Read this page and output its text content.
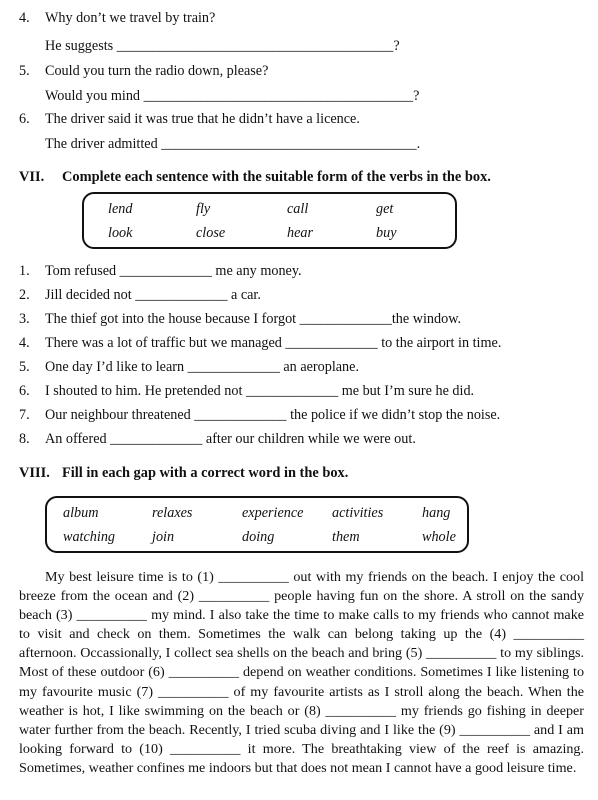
4. Why don’t we travel by train?
He suggests _______________________________________?
5. Could you turn the radio down, please?
Would you mind ______________________________________?
6. The driver said it was true that he didn’t have a licence.
The driver admitted ____________________________________.
VII. Complete each sentence with the suitable form of the verbs in the box.
lend	fly	call	get
look	close	hear	buy
1. Tom refused _____________ me any money.
2. Jill decided not _____________ a car.
3. The thief got into the house because I forgot _____________the window.
4. There was a lot of traffic but we managed _____________ to the airport in time.
5. One day I’d like to learn _____________ an aeroplane.
6. I shouted to him. He pretended not _____________ me but I’m sure he did.
7. Our neighbour threatened _____________ the police if we didn’t stop the noise.
8. An offered _____________ after our children while we were out.
VIII. Fill in each gap with a correct word in the box.
album	relaxes	experience activities	hang
watching	join	doing	them	whole

My best leisure time is to (1) __________ out with my friends on the beach. I enjoy the cool breeze from the ocean and (2) __________ people having fun on the shore. A stroll on the sandy beach (3) __________ my mind. I also take the time to make calls to my friends who cannot make to visit and check on them. Sometimes the walk can belong taking up the (4) __________ afternoon. Occassionally, I collect sea shells on the beach and bring (5) __________ to my siblings. Most of these outdoor (6) __________ depend on weather conditions. Sometimes I like listening to my favourite music (7) __________ of my favourite artists as I stroll along the beach. When the weather is hot, I like swimming on the beach or (8) __________ my friends go fishing in deeper water further from the beach. Recently, I tried scuba diving and I like the (9) __________ and I am looking forward to (10) __________ it more. The breathtaking view of the reef is amazing. Sometimes, weather confines me indoors but that does not mean I cannot have a good leisure time.
